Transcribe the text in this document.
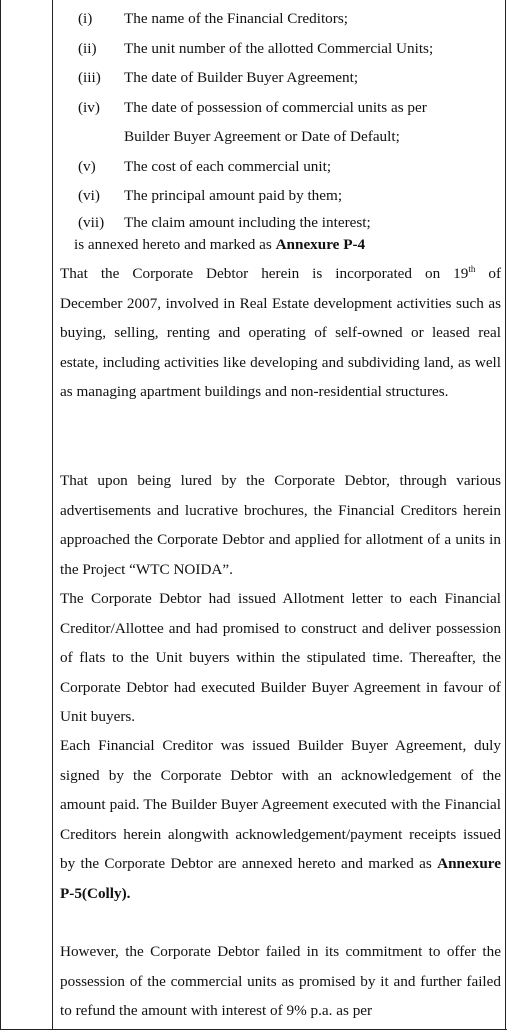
(i)	The name of the Financial Creditors;
(ii)	The unit number of the allotted Commercial Units;
(iii)	The date of Builder Buyer Agreement;
(iv)	The date of possession of commercial units as per
Builder Buyer Agreement or Date of Default;
(v)	The cost of each commercial unit;
(vi)	The principal amount paid by them;
(vii)	The claim amount including the interest;
is annexed hereto and marked as Annexure P-4
That the Corporate Debtor herein is incorporated on 19th of
December 2007, involved in Real Estate development activities such as buying, selling, renting and operating of self-owned or leased real estate, including activities like developing and subdividing land, as well as managing apartment buildings and non-residential structures.
That upon being lured by the Corporate Debtor, through various advertisements and lucrative brochures, the Financial Creditors herein approached the Corporate Debtor and applied for allotment of a units in the Project “WTC NOIDA”.
The Corporate Debtor had issued Allotment letter to each Financial Creditor/Allottee and had promised to construct and deliver possession of flats to the Unit buyers within the stipulated time. Thereafter, the Corporate Debtor had executed Builder Buyer Agreement in favour of Unit buyers.
Each Financial Creditor was issued Builder Buyer Agreement, duly signed by the Corporate Debtor with an acknowledgement of the amount paid. The Builder Buyer Agreement executed with the Financial Creditors herein alongwith acknowledgement/payment receipts issued by the Corporate Debtor are annexed hereto and marked as Annexure P-5(Colly).
However, the Corporate Debtor failed in its commitment to offer the possession of the commercial units as promised by it and further failed to refund the amount with interest of 9% p.a. as per
